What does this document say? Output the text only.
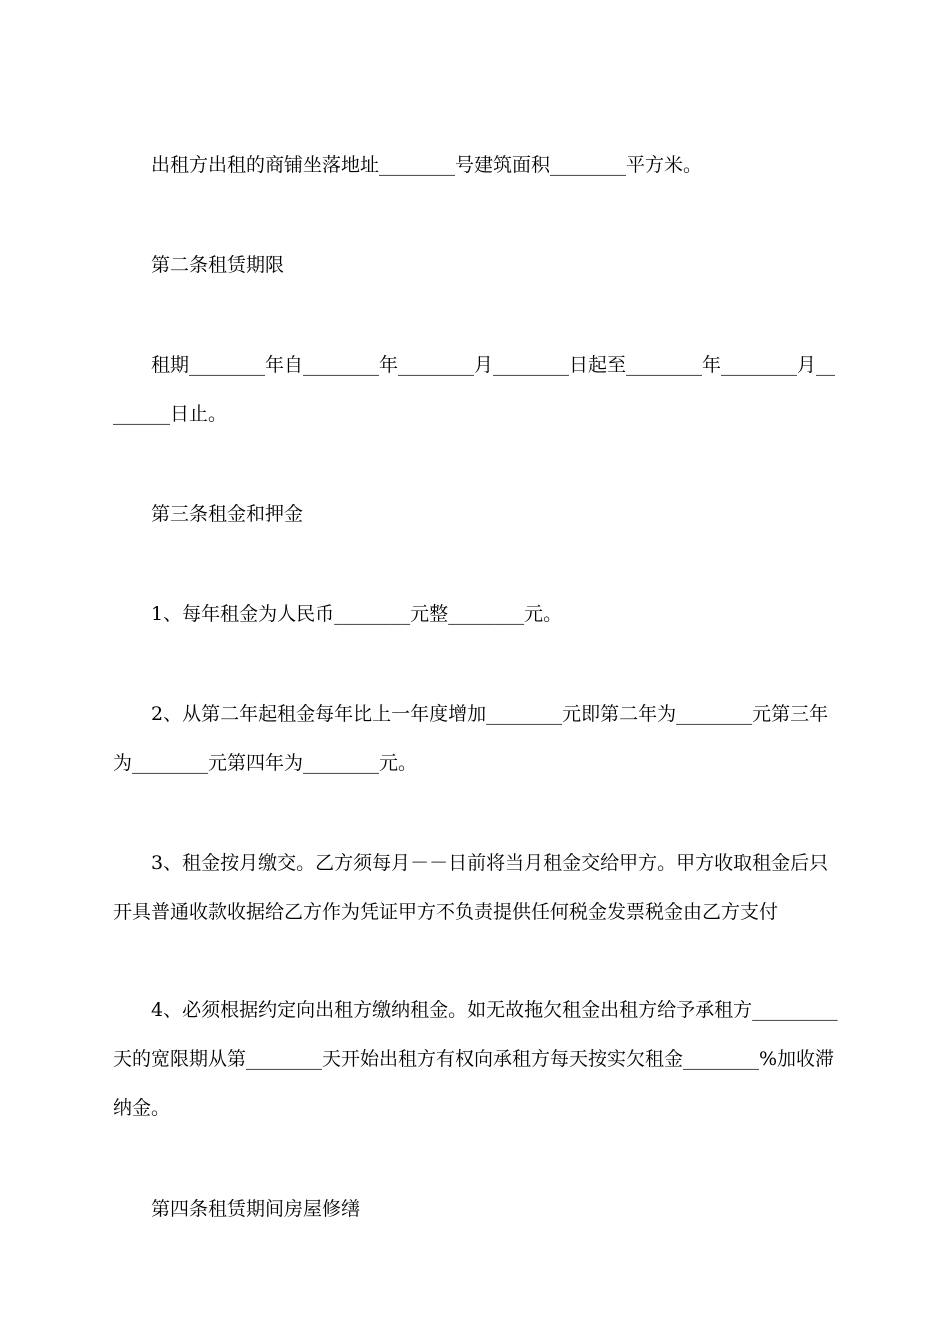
出租方出租的商铺坐落地址________号建筑面积________平方米。

第二条租赁期限

租期________年自________年________月________日起至________年________月________日止。

第三条租金和押金

1、每年租金为人民币________元整________元。

2、从第二年起租金每年比上一年度增加________元即第二年为________元第三年为________元第四年为________元。

3、租金按月缴交。乙方须每月－－日前将当月租金交给甲方。甲方收取租金后只开具普通收款收据给乙方作为凭证甲方不负责提供任何税金发票税金由乙方支付

4、必须根据约定向出租方缴纳租金。如无故拖欠租金出租方给予承租方_________天的宽限期从第________天开始出租方有权向承租方每天按实欠租金________%加收滞纳金。

第四条租赁期间房屋修缮
